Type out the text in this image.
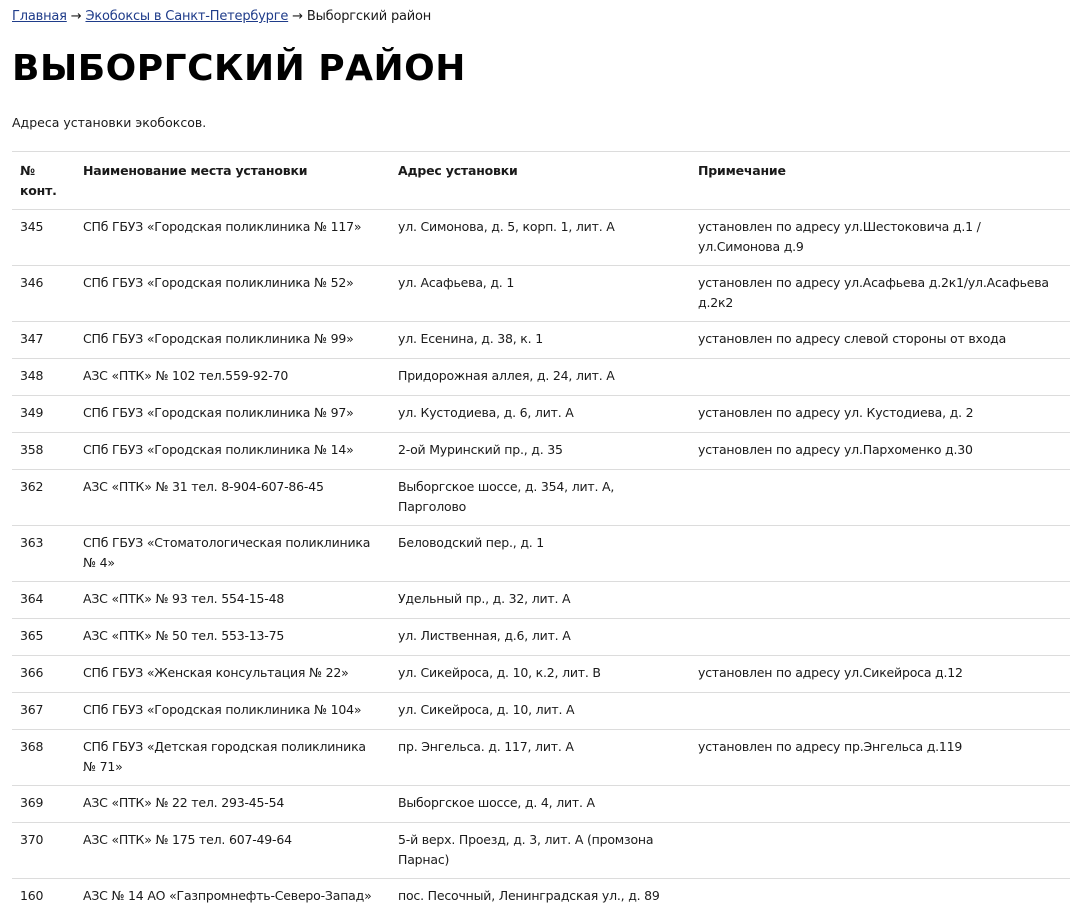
Главная → Экобоксы в Санкт-Петербурге → Выборгский район
ВЫБОРГСКИЙ РАЙОН

Адреса установки экобоксов.

№ конт.	Наименование места установки	Адрес установки	Примечание
345	СПб ГБУЗ «Городская поликлиника № 117»	ул. Симонова, д. 5, корп. 1, лит. А	установлен по адресу ул.Шестоковича д.1 / ул.Симонова д.9
346	СПб ГБУЗ «Городская поликлиника № 52»	ул. Асафьева, д. 1	установлен по адресу ул.Асафьева д.2к1/ул.Асафьева д.2к2
347	СПб ГБУЗ «Городская поликлиника № 99»	ул. Есенина, д. 38, к. 1	установлен по адресу слевой стороны от входа
348	АЗС «ПТК» № 102 тел.559-92-70	Придорожная аллея, д. 24, лит. А	
349	СПб ГБУЗ «Городская поликлиника № 97»	ул. Кустодиева, д. 6, лит. А	установлен по адресу ул. Кустодиева, д. 2
358	СПб ГБУЗ «Городская поликлиника № 14»	2-ой Муринский пр., д. 35	установлен по адресу ул.Пархоменко д.30
362	АЗС «ПТК» № 31 тел. 8-904-607-86-45	Выборгское шоссе, д. 354, лит. А, Парголово	
363	СПб ГБУЗ «Стоматологическая поликлиника № 4»	Беловодский пер., д. 1	
364	АЗС «ПТК» № 93 тел. 554-15-48	Удельный пр., д. 32, лит. А	
365	АЗС «ПТК» № 50 тел. 553-13-75	ул. Лиственная, д.6, лит. А	
366	СПб ГБУЗ «Женская консультация № 22»	ул. Сикейроса, д. 10, к.2, лит. В	установлен по адресу ул.Сикейроса д.12
367	СПб ГБУЗ «Городская поликлиника № 104»	ул. Сикейроса, д. 10, лит. А	
368	СПб ГБУЗ «Детская городская поликлиника № 71»	пр. Энгельса. д. 117, лит. А	установлен по адресу пр.Энгельса д.119
369	АЗС «ПТК» № 22 тел. 293-45-54	Выборгское шоссе, д. 4, лит. А	
370	АЗС «ПТК» № 175 тел. 607-49-64	5-й верх. Проезд, д. 3, лит. А (промзона Парнас)	
160	АЗС № 14 АО «Газпромнефть-Северо-Запад»	пос. Песочный, Ленинградская ул., д. 89	
